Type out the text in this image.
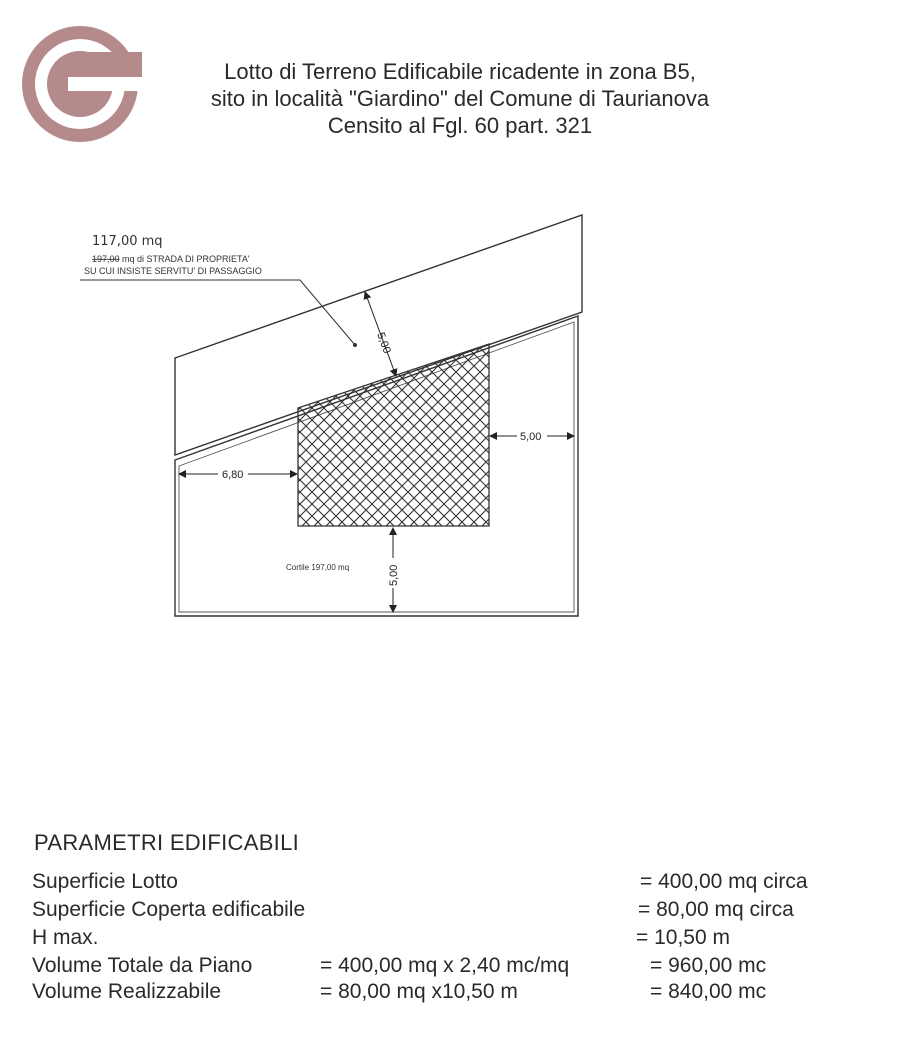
Lotto di Terreno Edificabile ricadente in zona B5,
sito in località "Giardino" del Comune di Taurianova
Censito al Fgl. 60 part. 321
117,00 mq
197,00 mq di STRADA DI PROPRIETA'
SU CUI INSISTE SERVITU' DI PASSAGGIO
5,00
6,80
5,00
5,00
Cortile 197,00 mq
PARAMETRI EDIFICABILI
Superficie Lotto	= 400,00 mq circa
Superficie Coperta edificabile	= 80,00 mq circa
H max.	= 10,50 m
Volume Totale da Piano	= 400,00 mq x 2,40 mc/mq	= 960,00 mc
Volume Realizzabile	= 80,00 mq x10,50 m	= 840,00 mc
